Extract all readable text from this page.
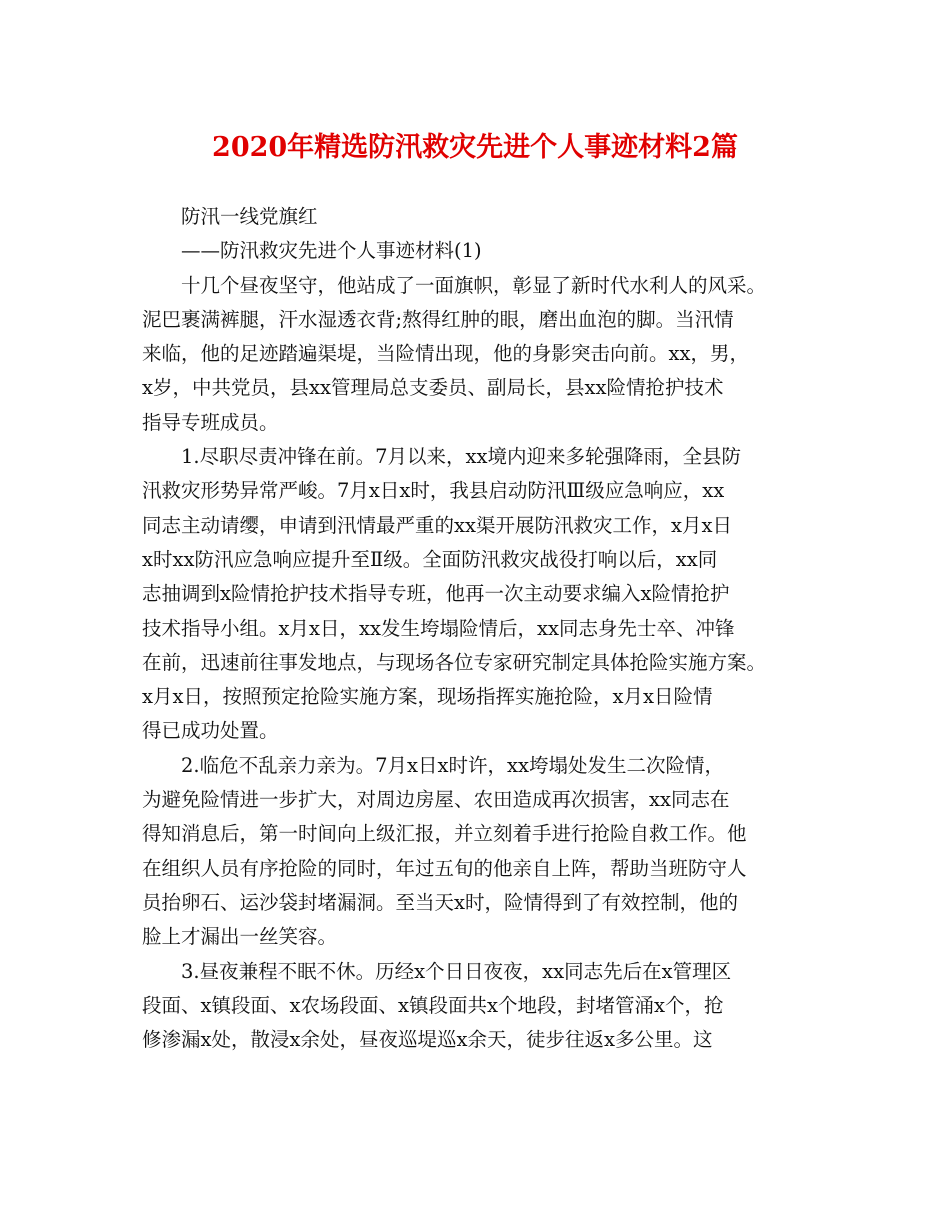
2020年精选防汛救灾先进个人事迹材料2篇

防汛一线党旗红

——防汛救灾先进个人事迹材料(1)

十几个昼夜坚守，他站成了一面旗帜，彰显了新时代水利人的风采。

泥巴裹满裤腿，汗水湿透衣背;熬得红肿的眼，磨出血泡的脚。当汛情

来临，他的足迹踏遍渠堤，当险情出现，他的身影突击向前。xx，男，

x岁，中共党员，县xx管理局总支委员、副局长，县xx险情抢护技术

指导专班成员。

1.尽职尽责冲锋在前。7月以来，xx境内迎来多轮强降雨，全县防

汛救灾形势异常严峻。7月x日x时，我县启动防汛Ⅲ级应急响应，xx

同志主动请缨，申请到汛情最严重的xx渠开展防汛救灾工作，x月x日

x时xx防汛应急响应提升至Ⅱ级。全面防汛救灾战役打响以后，xx同

志抽调到x险情抢护技术指导专班，他再一次主动要求编入x险情抢护

技术指导小组。x月x日，xx发生垮塌险情后，xx同志身先士卒、冲锋

在前，迅速前往事发地点，与现场各位专家研究制定具体抢险实施方案。

x月x日，按照预定抢险实施方案，现场指挥实施抢险，x月x日险情

得已成功处置。

2.临危不乱亲力亲为。7月x日x时许，xx垮塌处发生二次险情，

为避免险情进一步扩大，对周边房屋、农田造成再次损害，xx同志在

得知消息后，第一时间向上级汇报，并立刻着手进行抢险自救工作。他

在组织人员有序抢险的同时，年过五旬的他亲自上阵，帮助当班防守人

员抬卵石、运沙袋封堵漏洞。至当天x时，险情得到了有效控制，他的

脸上才漏出一丝笑容。

3.昼夜兼程不眠不休。历经x个日日夜夜，xx同志先后在x管理区

段面、x镇段面、x农场段面、x镇段面共x个地段，封堵管涌x个，抢

修渗漏x处，散浸x余处，昼夜巡堤巡x余天，徒步往返x多公里。这
